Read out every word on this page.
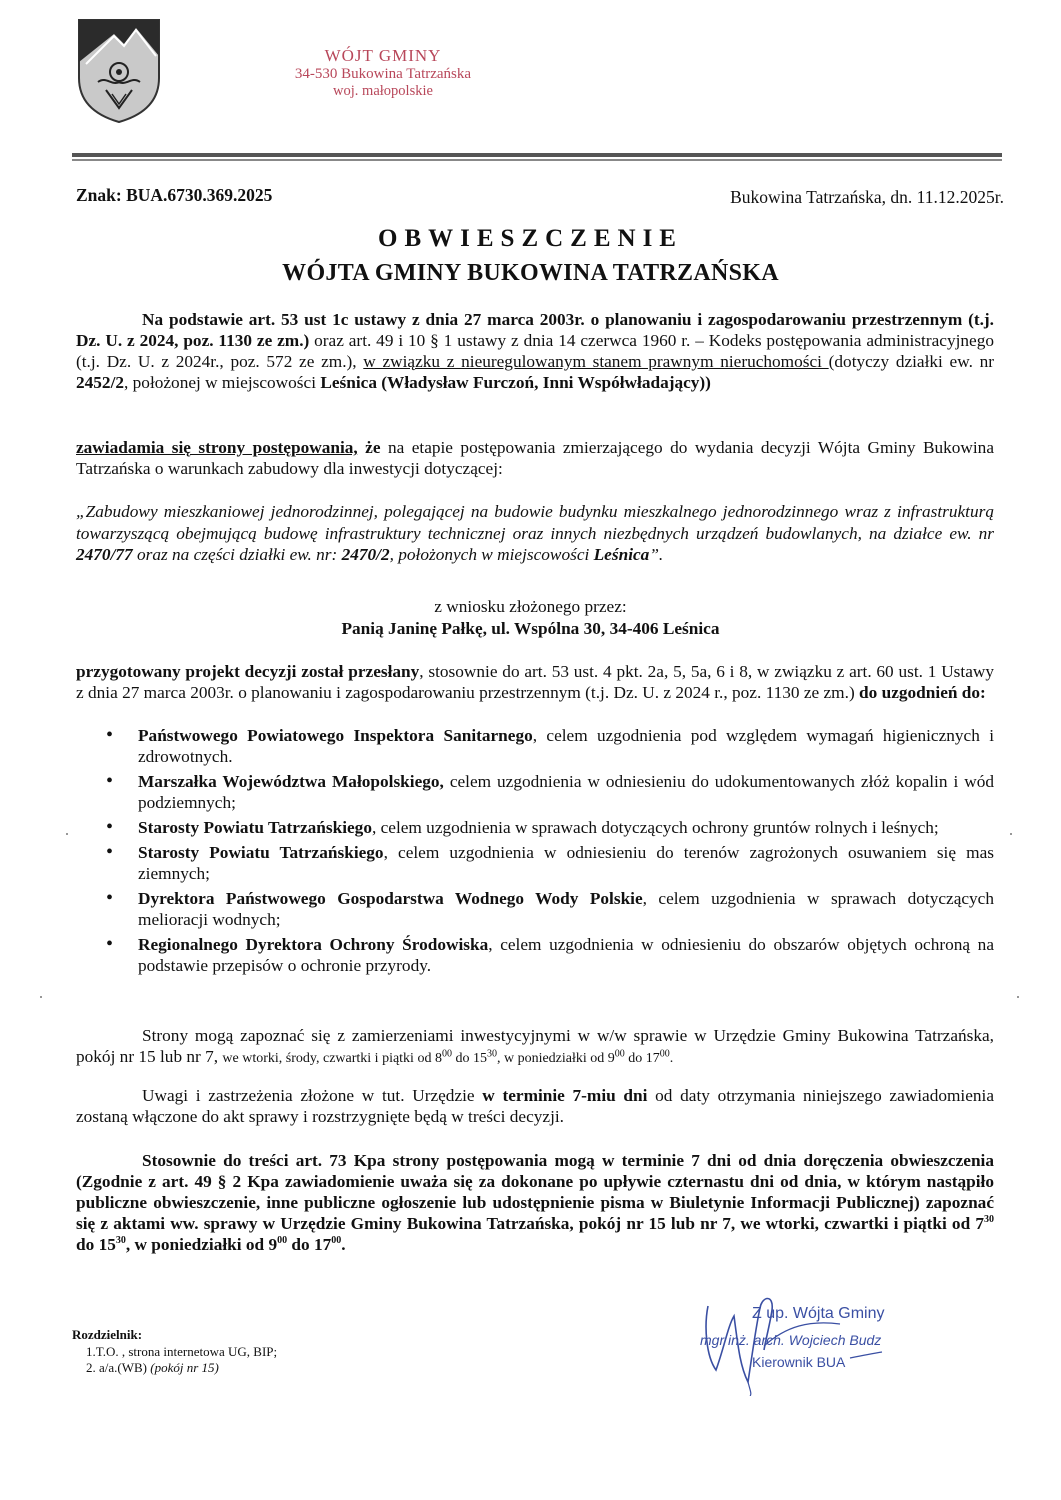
WÓJT GMINY
34-530 Bukowina Tatrzańska
woj. małopolskie
Znak: BUA.6730.369.2025	Bukowina Tatrzańska, dn. 11.12.2025r.
OBWIESZCZENIE
WÓJTA GMINY BUKOWINA TATRZAŃSKA
Na podstawie art. 53 ust 1c ustawy z dnia 27 marca 2003r. o planowaniu i zagospodarowaniu przestrzennym (t.j. Dz. U. z 2024, poz. 1130 ze zm.) oraz art. 49 i 10 § 1 ustawy z dnia 14 czerwca 1960 r. – Kodeks postępowania administracyjnego (t.j. Dz. U. z 2024r., poz. 572 ze zm.), w związku z nieuregulowanym stanem prawnym nieruchomości (dotyczy działki ew. nr 2452/2, położonej w miejscowości Leśnica (Władysław Furczoń, Inni Współwładający))
zawiadamia się strony postępowania, że na etapie postępowania zmierzającego do wydania decyzji Wójta Gminy Bukowina Tatrzańska o warunkach zabudowy dla inwestycji dotyczącej:
„Zabudowy mieszkaniowej jednorodzinnej, polegającej na budowie budynku mieszkalnego jednorodzinnego wraz z infrastrukturą towarzyszącą obejmującą budowę infrastruktury technicznej oraz innych niezbędnych urządzeń budowlanych, na działce ew. nr 2470/77 oraz na części działki ew. nr: 2470/2, położonych w miejscowości Leśnica”.
z wniosku złożonego przez:
Panią Janinę Pałkę, ul. Wspólna 30, 34-406 Leśnica
przygotowany projekt decyzji został przesłany, stosownie do art. 53 ust. 4 pkt. 2a, 5, 5a, 6 i 8, w związku z art. 60 ust. 1 Ustawy z dnia 27 marca 2003r. o planowaniu i zagospodarowaniu przestrzennym (t.j. Dz. U. z 2024 r., poz. 1130 ze zm.) do uzgodnień do:
• Państwowego Powiatowego Inspektora Sanitarnego, celem uzgodnienia pod względem wymagań higienicznych i zdrowotnych.
• Marszałka Województwa Małopolskiego, celem uzgodnienia w odniesieniu do udokumentowanych złóż kopalin i wód podziemnych;
• Starosty Powiatu Tatrzańskiego, celem uzgodnienia w sprawach dotyczących ochrony gruntów rolnych i leśnych;
• Starosty Powiatu Tatrzańskiego, celem uzgodnienia w odniesieniu do terenów zagrożonych osuwaniem się mas ziemnych;
• Dyrektora Państwowego Gospodarstwa Wodnego Wody Polskie, celem uzgodnienia w sprawach dotyczących melioracji wodnych;
• Regionalnego Dyrektora Ochrony Środowiska, celem uzgodnienia w odniesieniu do obszarów objętych ochroną na podstawie przepisów o ochronie przyrody.
Strony mogą zapoznać się z zamierzeniami inwestycyjnymi w w/w sprawie w Urzędzie Gminy Bukowina Tatrzańska, pokój nr 15 lub nr 7, we wtorki, środy, czwartki i piątki od $8^{00}$ do $15^{30}$, w poniedziałki od $9^{00}$ do $17^{00}$.
Uwagi i zastrzeżenia złożone w tut. Urzędzie w terminie 7-miu dni od daty otrzymania niniejszego zawiadomienia zostaną włączone do akt sprawy i rozstrzygnięte będą w treści decyzji.
Stosownie do treści art. 73 Kpa strony postępowania mogą w terminie 7 dni od dnia doręczenia obwieszczenia (Zgodnie z art. 49 § 2 Kpa zawiadomienie uważa się za dokonane po upływie czternastu dni od dnia, w którym nastąpiło publiczne obwieszczenie, inne publiczne ogłoszenie lub udostępnienie pisma w Biuletynie Informacji Publicznej) zapoznać się z aktami ww. sprawy w Urzędzie Gminy Bukowina Tatrzańska, pokój nr 15 lub nr 7, we wtorki, czwartki i piątki od $7^{30}$ do $15^{30}$, w poniedziałki od $9^{00}$ do $17^{00}$.
Rozdzielnik:
1.T.O. , strona internetowa UG, BIP;
2. a/a.(WB) (pokój nr 15)
Z up. Wójta Gminy
mgr inż. arch. Wojciech Budz
Kierownik BUA
